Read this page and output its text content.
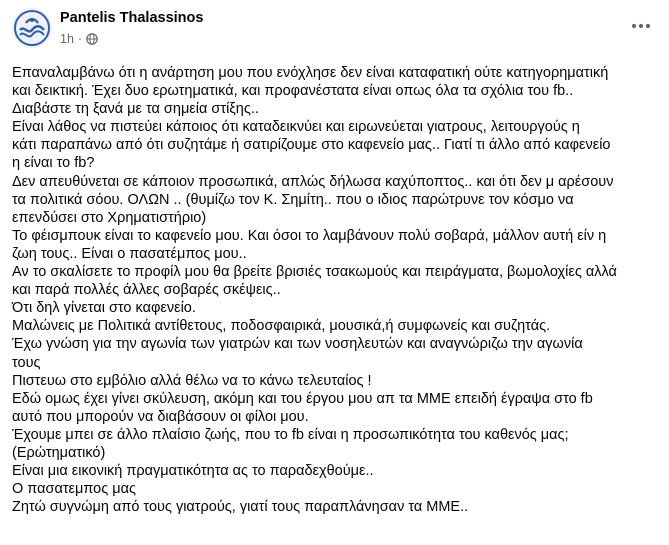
Pantelis Thalassinos
1h ·
Επαναλαμβάνω ότι η ανάρτηση μου που ενόχλησε δεν είναι καταφατική ούτε κατηγορηματική
και δεικτική. Έχει δυο ερωτηματικά, και προφανέστατα είναι οπως όλα τα σχόλια του fb..
Διαβάστε τη ξανά με τα σημεία στίξης..
Είναι λάθος να πιστεύει κάποιος ότι καταδεικνύει και ειρωνεύεται γιατρους, λειτουργούς η
κάτι παραπάνω από ότι συζητάμε ή σατιρίζουμε στο καφενείο μας.. Γιατί τι άλλο από καφενείο
η είναι το fb?
Δεν απευθύνεται σε κάποιον προσωπικά, απλώς δήλωσα καχύποπτος.. και ότι δεν μ αρέσουν
τα πολιτικά σόου. ΟΛΩΝ .. (θυμίζω τον Κ. Σημίτη.. που ο ιδιος παρώτρυνε τον κόσμο να
επενδύσει στο Χρηματιστήριο)
Το φέισμπουκ είναι το καφενείο μου. Και όσοι το λαμβάνουν πολύ σοβαρά, μάλλον αυτή είν η
ζωη τους.. Είναι ο πασατέμπος μου..
Αν το σκαλίσετε το προφίλ μου θα βρείτε βρισιές τσακωμούς και πειράγματα, βωμολοχίες αλλά
και παρά πολλές άλλες σοβαρές σκέψεις..
Ότι δηλ γίνεται στο καφενείο.
Μαλώνεις με Πολιτικά αντίθετους, ποδοσφαιρικά, μουσικά,ή συμφωνείς και συζητάς.
Έχω γνώση για την αγωνία των γιατρών και των νοσηλευτών και αναγνώριζω την αγωνία
τους
Πιστευω στο εμβόλιο αλλά θέλω να το κάνω τελευταίος !
Εδώ ομως έχει γίνει σκύλευση, ακόμη και του έργου μου απ τα ΜΜΕ επειδή έγραψα στο fb
αυτό που μπορούν να διαβάσουν οι φίλοι μου.
Έχουμε μπει σε άλλο πλαίσιο ζωής, που το fb είναι η προσωπικότητα του καθενός μας;
(Ερώτηματικό)
Είναι μια εικονική πραγματικότητα ας το παραδεχθούμε..
Ο πασατεμπος μας
Ζητώ συγνώμη από τους γιατρούς, γιατί τους παραπλάνησαν τα ΜΜΕ..
